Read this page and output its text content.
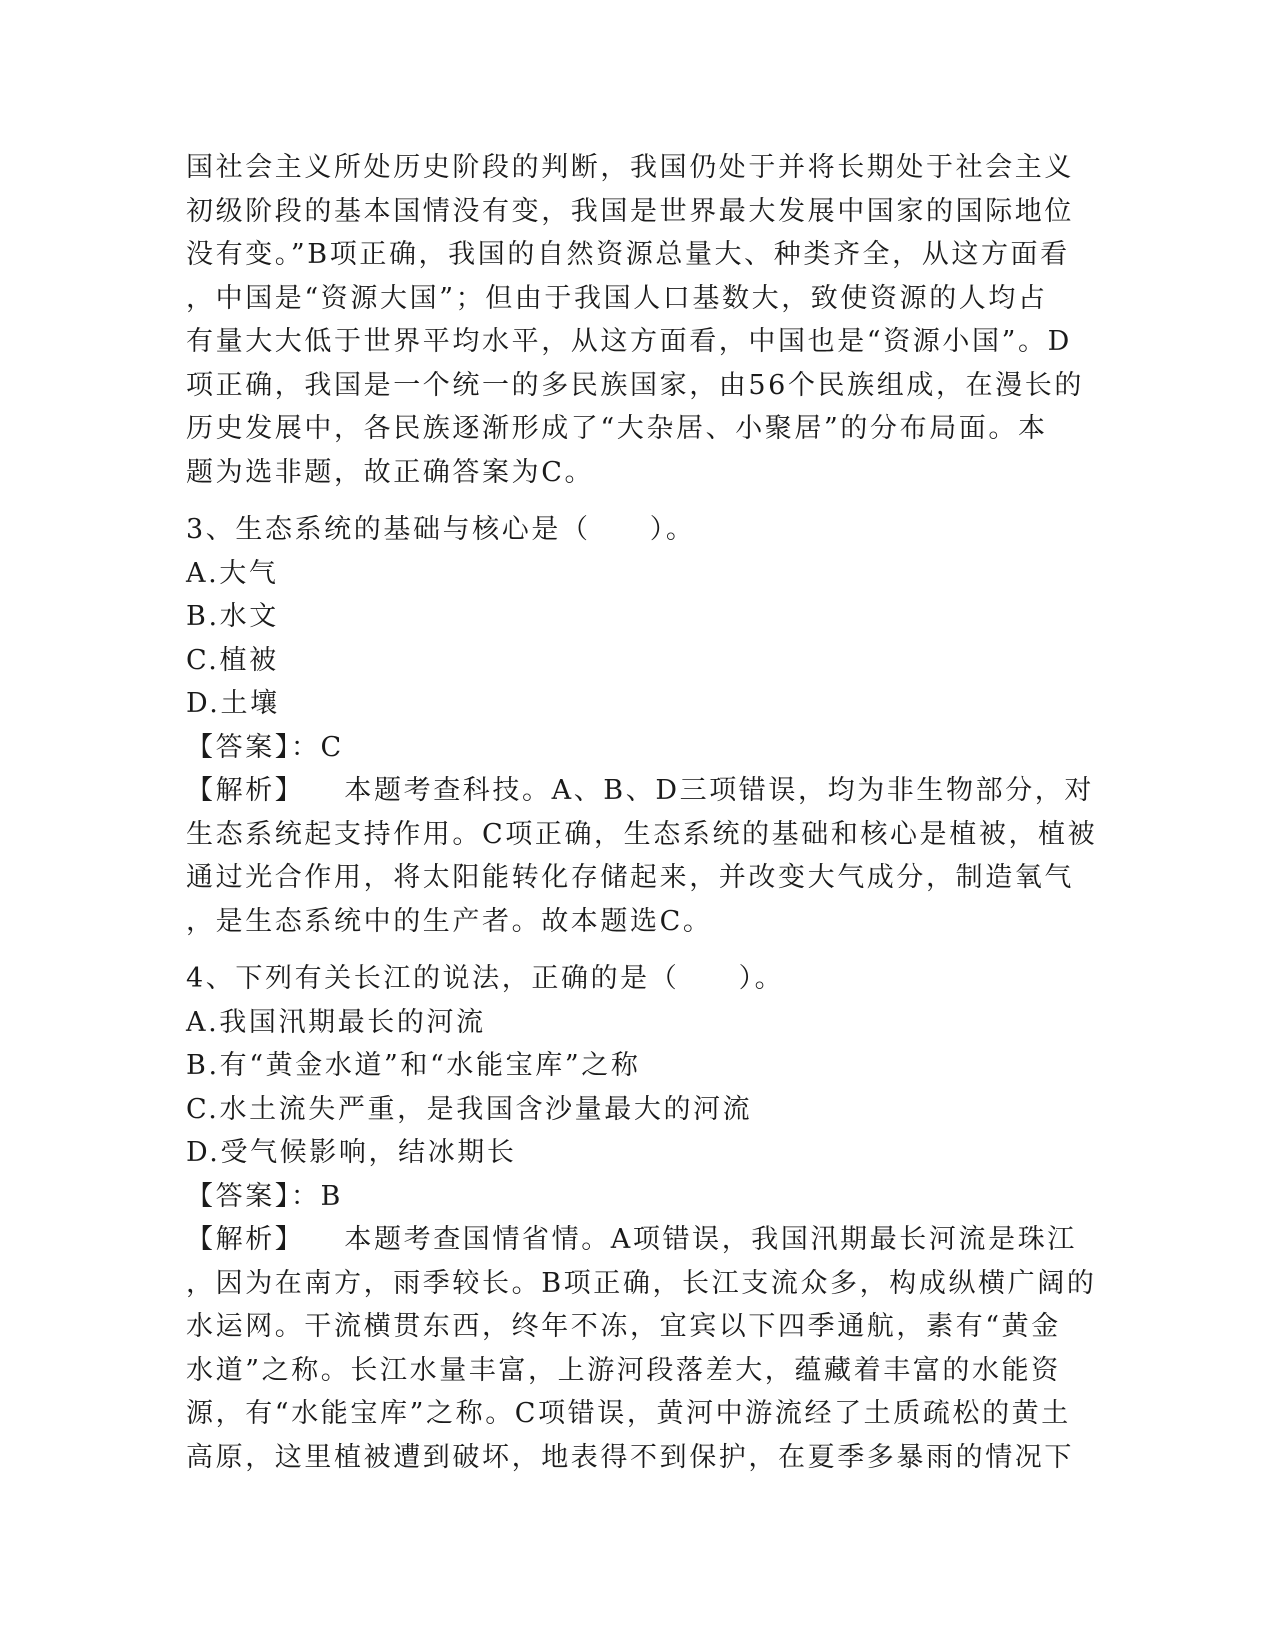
国社会主义所处历史阶段的判断，我国仍处于并将长期处于社会主义
初级阶段的基本国情没有变，我国是世界最大发展中国家的国际地位
没有变。”B项正确，我国的自然资源总量大、种类齐全，从这方面看
，中国是“资源大国”；但由于我国人口基数大，致使资源的人均占
有量大大低于世界平均水平，从这方面看，中国也是“资源小国”。D
项正确，我国是一个统一的多民族国家，由56个民族组成，在漫长的
历史发展中，各民族逐渐形成了“大杂居、小聚居”的分布局面。本
题为选非题，故正确答案为C。
3、生态系统的基础与核心是（　　）。
A.大气
B.水文
C.植被
D.土壤
【答案】：C
【解析】 本题考查科技。A、B、D三项错误，均为非生物部分，对
生态系统起支持作用。C项正确，生态系统的基础和核心是植被，植被
通过光合作用，将太阳能转化存储起来，并改变大气成分，制造氧气
，是生态系统中的生产者。故本题选C。
4、下列有关长江的说法，正确的是（　　）。
A.我国汛期最长的河流
B.有“黄金水道”和“水能宝库”之称
C.水土流失严重，是我国含沙量最大的河流
D.受气候影响，结冰期长
【答案】：B
【解析】 本题考查国情省情。A项错误，我国汛期最长河流是珠江
，因为在南方，雨季较长。B项正确，长江支流众多，构成纵横广阔的
水运网。干流横贯东西，终年不冻，宜宾以下四季通航，素有“黄金
水道”之称。长江水量丰富，上游河段落差大，蕴藏着丰富的水能资
源，有“水能宝库”之称。C项错误，黄河中游流经了土质疏松的黄土
高原，这里植被遭到破坏，地表得不到保护，在夏季多暴雨的情况下
